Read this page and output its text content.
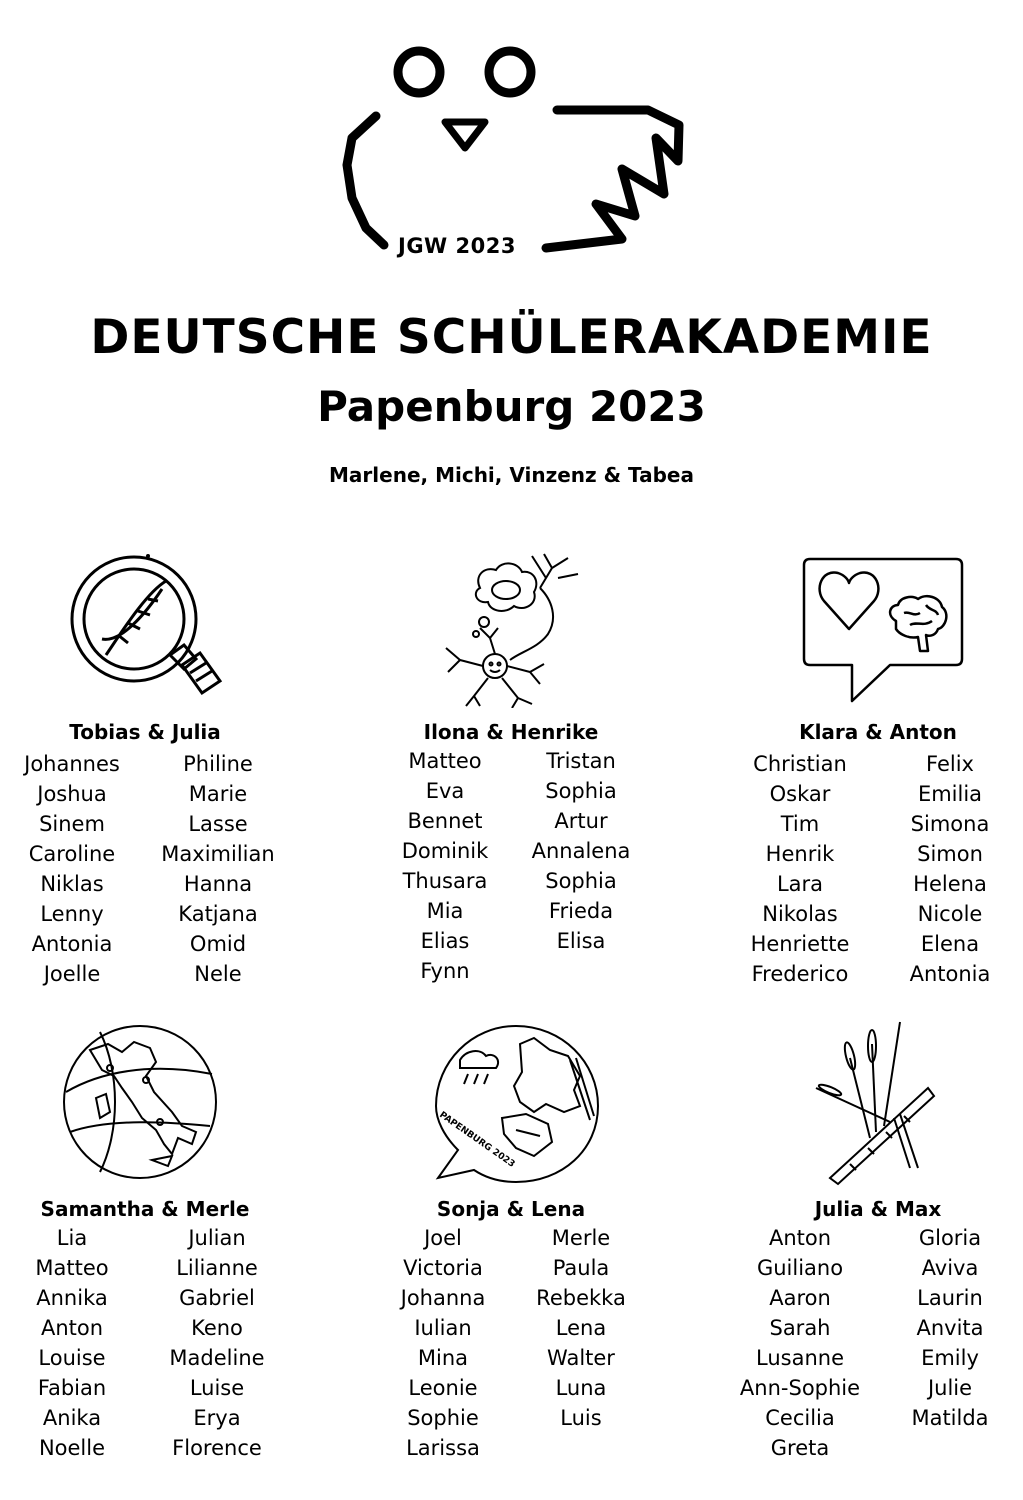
JGW 2023
DEUTSCHE SCHÜLERAKADEMIE
Papenburg 2023
Marlene, Michi, Vinzenz & Tabea
Tobias & Julia
Johannes
Joshua
Sinem
Caroline
Niklas
Lenny
Antonia
Joelle
Philine
Marie
Lasse
Maximilian
Hanna
Katjana
Omid
Nele
Ilona & Henrike
Matteo
Eva
Bennet
Dominik
Thusara
Mia
Elias
Fynn
Tristan
Sophia
Artur
Annalena
Sophia
Frieda
Elisa
Klara & Anton
Christian
Oskar
Tim
Henrik
Lara
Nikolas
Henriette
Frederico
Felix
Emilia
Simona
Simon
Helena
Nicole
Elena
Antonia
Samantha & Merle
Lia
Matteo
Annika
Anton
Louise
Fabian
Anika
Noelle
Julian
Lilianne
Gabriel
Keno
Madeline
Luise
Erya
Florence
PAPENBURG 2023
Sonja & Lena
Joel
Victoria
Johanna
Iulian
Mina
Leonie
Sophie
Larissa
Merle
Paula
Rebekka
Lena
Walter
Luna
Luis
Julia & Max
Anton
Guiliano
Aaron
Sarah
Lusanne
Ann-Sophie
Cecilia
Greta
Gloria
Aviva
Laurin
Anvita
Emily
Julie
Matilda
